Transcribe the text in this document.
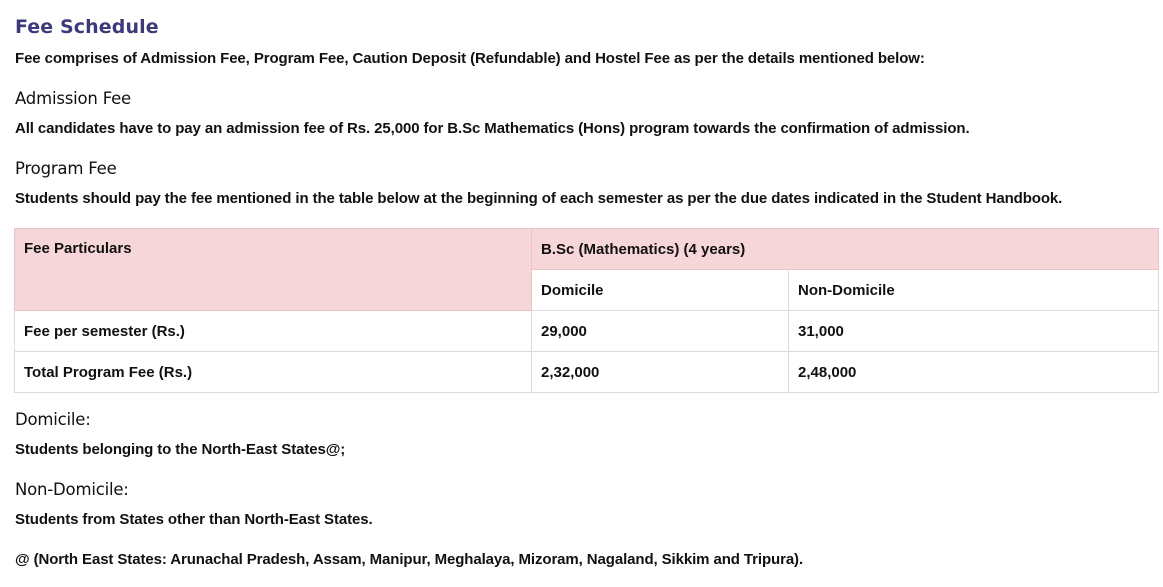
Fee Schedule
Fee comprises of Admission Fee, Program Fee, Caution Deposit (Refundable) and Hostel Fee as per the details mentioned below:
Admission Fee
All candidates have to pay an admission fee of Rs. 25,000 for B.Sc Mathematics (Hons) program towards the confirmation of admission.
Program Fee
Students should pay the fee mentioned in the table below at the beginning of each semester as per the due dates indicated in the Student Handbook.
Fee Particulars	B.Sc (Mathematics) (4 years)	
	Domicile	Non-Domicile
Fee per semester (Rs.)	29,000	31,000
Total Program Fee (Rs.)	2,32,000	2,48,000
Domicile:
Students belonging to the North-East States@;
Non-Domicile:
Students from States other than North-East States.
@ (North East States: Arunachal Pradesh, Assam, Manipur, Meghalaya, Mizoram, Nagaland, Sikkim and Tripura).
